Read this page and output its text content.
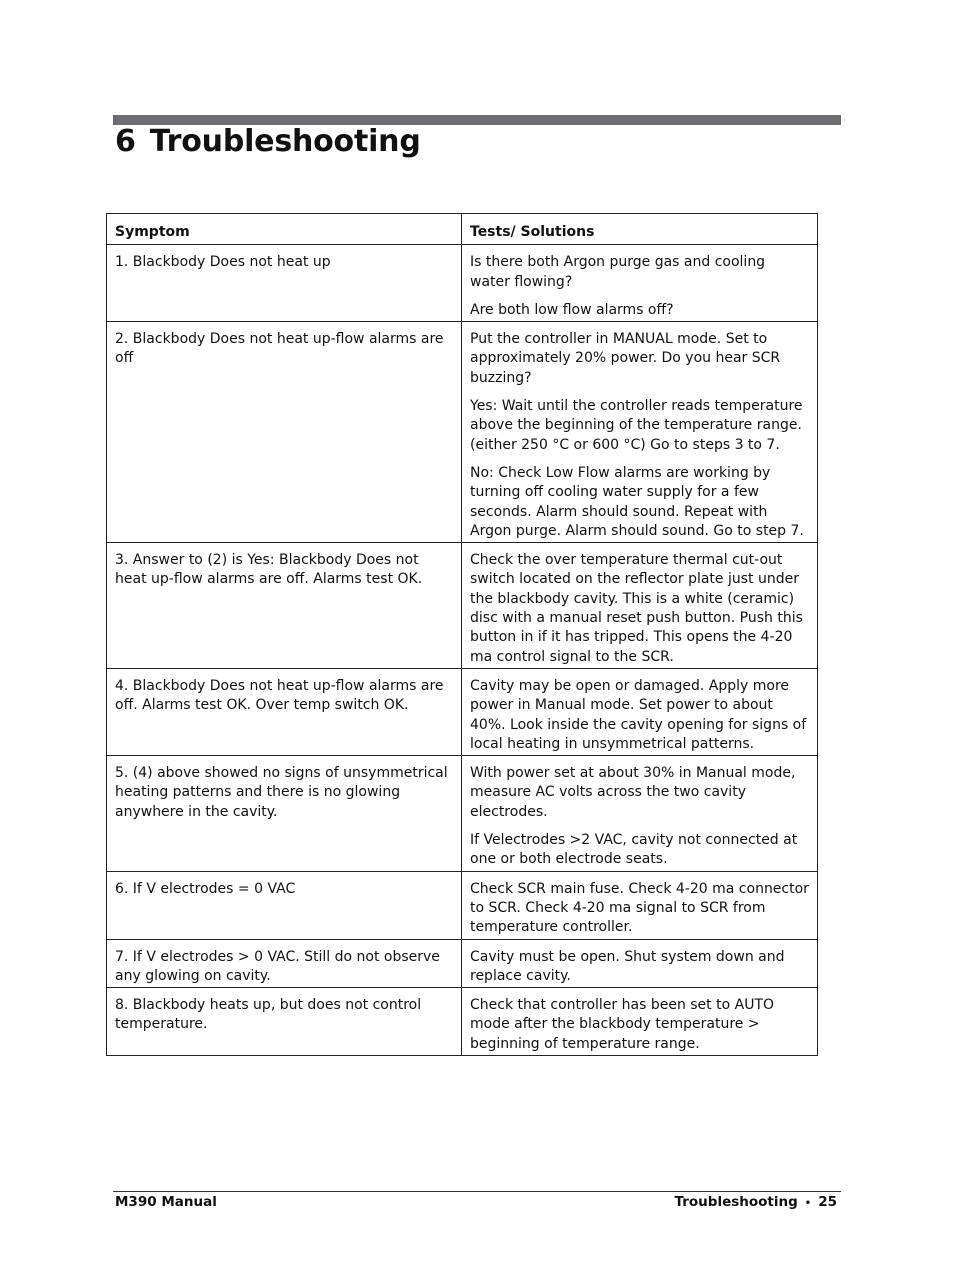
6 Troubleshooting
Symptom	Tests/ Solutions
1. Blackbody Does not heat up	Is there both Argon purge gas and cooling water flowing?

Are both low flow alarms off?

2. Blackbody Does not heat up-flow alarms are off	Put the controller in MANUAL mode. Set to approximately 20% power. Do you hear SCR buzzing?

Yes: Wait until the controller reads temperature above the beginning of the temperature range. (either 250 °C or 600 °C) Go to steps 3 to 7.

No: Check Low Flow alarms are working by turning off cooling water supply for a few seconds. Alarm should sound. Repeat with Argon purge. Alarm should sound. Go to step 7.

3. Answer to (2) is Yes: Blackbody Does not heat up-flow alarms are off. Alarms test OK.	Check the over temperature thermal cut-out switch located on the reflector plate just under the blackbody cavity. This is a white (ceramic) disc with a manual reset push button. Push this button in if it has tripped. This opens the 4-20 ma control signal to the SCR.

4. Blackbody Does not heat up-flow alarms are off. Alarms test OK. Over temp switch OK.	Cavity may be open or damaged. Apply more power in Manual mode. Set power to about 40%. Look inside the cavity opening for signs of local heating in unsymmetrical patterns.

5. (4) above showed no signs of unsymmetrical heating patterns and there is no glowing anywhere in the cavity.	With power set at about 30% in Manual mode, measure AC volts across the two cavity electrodes.

If Velectrodes >2 VAC, cavity not connected at one or both electrode seats.

6. If V electrodes = 0 VAC	Check SCR main fuse. Check 4-20 ma connector to SCR. Check 4-20 ma signal to SCR from temperature controller.

7. If V electrodes > 0 VAC. Still do not observe any glowing on cavity.	Cavity must be open. Shut system down and replace cavity.

8. Blackbody heats up, but does not control temperature.	Check that controller has been set to AUTO mode after the blackbody temperature > beginning of temperature range.

M390 Manual	Troubleshooting • 25
